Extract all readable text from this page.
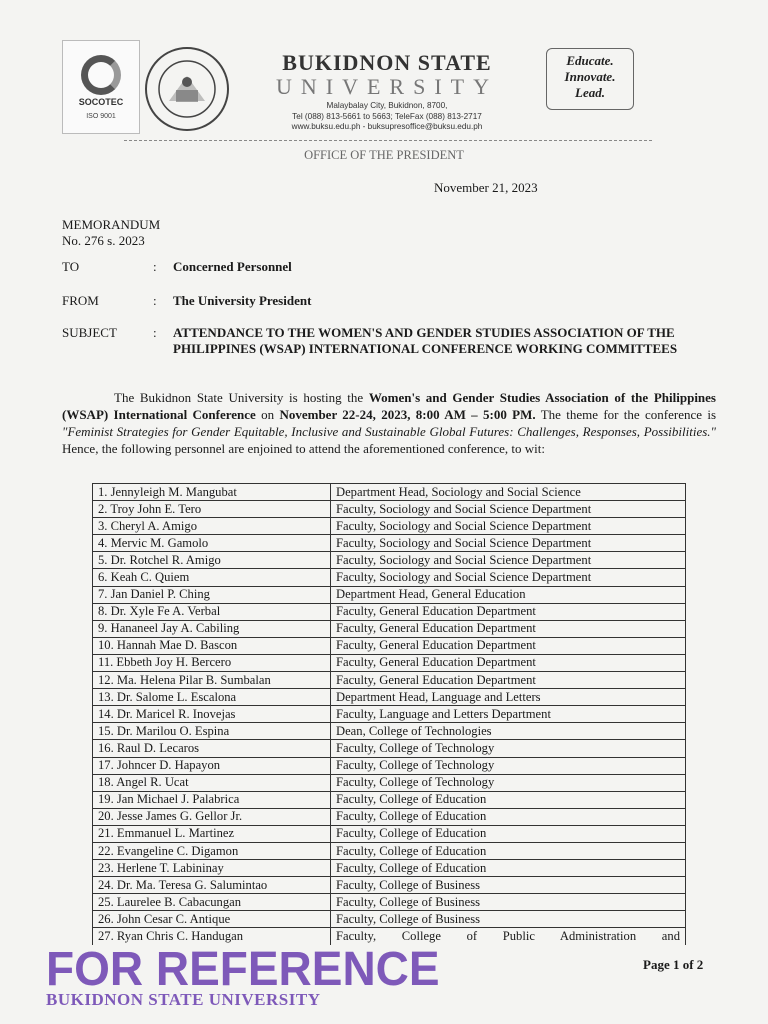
SOCOTEC
ISO 9001
BUKIDNON STATE
UNIVERSITY
Malaybalay City, Bukidnon, 8700,
Tel (088) 813-5661 to 5663; TeleFax (088) 813-2717
www.buksu.edu.ph - buksupresoffice@buksu.edu.ph
Educate.
Innovate.
Lead.
OFFICE OF THE PRESIDENT
November 21, 2023
MEMORANDUM
No. 276 s. 2023
TO	: Concerned Personnel
FROM	: The University President
SUBJECT	: ATTENDANCE TO THE WOMEN'S AND GENDER STUDIES ASSOCIATION OF THE PHILIPPINES (WSAP) INTERNATIONAL CONFERENCE WORKING COMMITTEES
The Bukidnon State University is hosting the Women's and Gender Studies Association of the Philippines (WSAP) International Conference on November 22-24, 2023, 8:00 AM – 5:00 PM. The theme for the conference is "Feminist Strategies for Gender Equitable, Inclusive and Sustainable Global Futures: Challenges, Responses, Possibilities." Hence, the following personnel are enjoined to attend the aforementioned conference, to wit:
1. Jennyleigh M. Mangubat	Department Head, Sociology and Social Science
2. Troy John E. Tero	Faculty, Sociology and Social Science Department
3. Cheryl A. Amigo	Faculty, Sociology and Social Science Department
4. Mervic M. Gamolo	Faculty, Sociology and Social Science Department
5. Dr. Rotchel R. Amigo	Faculty, Sociology and Social Science Department
6. Keah C. Quiem	Faculty, Sociology and Social Science Department
7. Jan Daniel P. Ching	Department Head, General Education
8. Dr. Xyle Fe A. Verbal	Faculty, General Education Department
9. Hananeel Jay A. Cabiling	Faculty, General Education Department
10. Hannah Mae D. Bascon	Faculty, General Education Department
11. Ebbeth Joy H. Bercero	Faculty, General Education Department
12. Ma. Helena Pilar B. Sumbalan	Faculty, General Education Department
13. Dr. Salome L. Escalona	Department Head, Language and Letters
14. Dr. Maricel R. Inovejas	Faculty, Language and Letters Department
15. Dr. Marilou O. Espina	Dean, College of Technologies
16. Raul D. Lecaros	Faculty, College of Technology
17. Johncer D. Hapayon	Faculty, College of Technology
18. Angel R. Ucat	Faculty, College of Technology
19. Jan Michael J. Palabrica	Faculty, College of Education
20. Jesse James G. Gellor Jr.	Faculty, College of Education
21. Emmanuel L. Martinez	Faculty, College of Education
22. Evangeline C. Digamon	Faculty, College of Education
23. Herlene T. Labininay	Faculty, College of Education
24. Dr. Ma. Teresa G. Salumintao	Faculty, College of Business
25. Laurelee B. Cabacungan	Faculty, College of Business
26. John Cesar C. Antique	Faculty, College of Business
27. Ryan Chris C. Handugan	Faculty, College of Public Administration and
FOR REFERENCE
BUKIDNON STATE UNIVERSITY
Page 1 of 2
